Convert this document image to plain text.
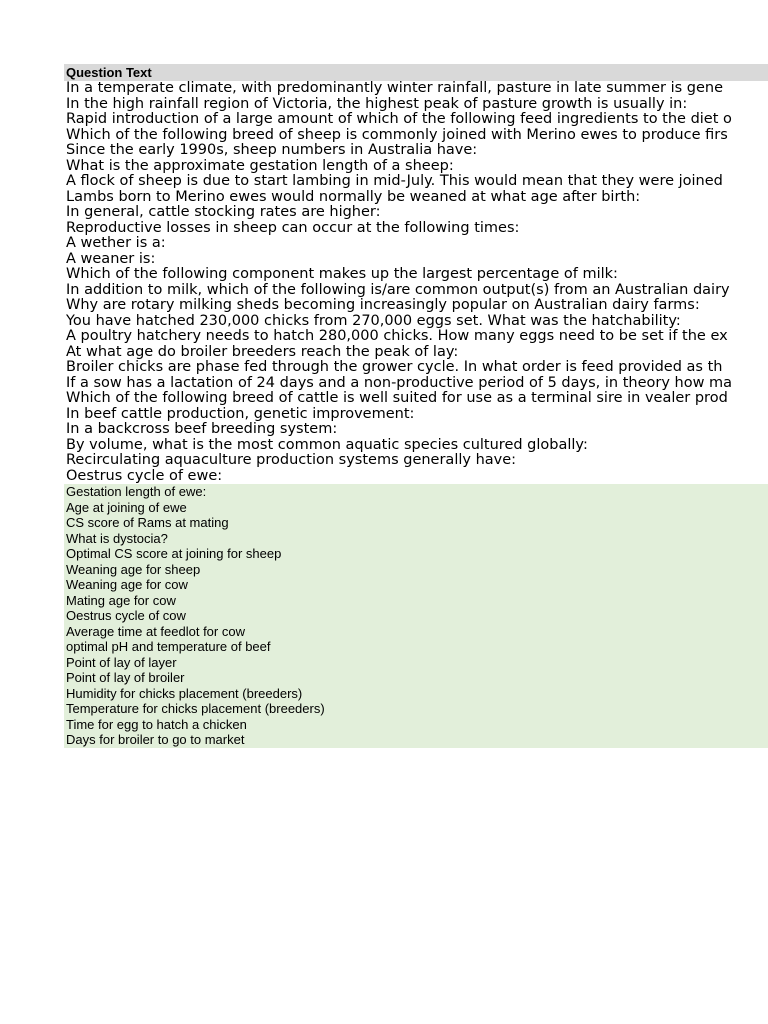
Question Text
In a temperate climate, with predominantly winter rainfall, pasture in late summer is gene
In the high rainfall region of Victoria, the highest peak of pasture growth is usually in:
Rapid introduction of a large amount of which of the following feed ingredients to the diet o
Which of the following breed of sheep is commonly joined with Merino ewes to produce firs
Since the early 1990s, sheep numbers in Australia have:
What is the approximate gestation length of a sheep:
A flock of sheep is due to start lambing in mid-July. This would mean that they were joined
Lambs born to Merino ewes would normally be weaned at what age after birth:
In general, cattle stocking rates are higher:
Reproductive losses in sheep can occur at the following times:
A wether is a:
A weaner is:
Which of the following component makes up the largest percentage of milk:
In addition to milk, which of the following is/are common output(s) from an Australian dairy
Why are rotary milking sheds becoming increasingly popular on Australian dairy farms:
You have hatched 230,000 chicks from 270,000 eggs set. What was the hatchability:
A poultry hatchery needs to hatch 280,000 chicks. How many eggs need to be set if the ex
At what age do broiler breeders reach the peak of lay:
Broiler chicks are phase fed through the grower cycle. In what order is feed provided as th
If a sow has a lactation of 24 days and a non-productive period of 5 days, in theory how ma
Which of the following breed of cattle is well suited for use as a terminal sire in vealer prod
In beef cattle production, genetic improvement:
In a backcross beef breeding system:
By volume, what is the most common aquatic species cultured globally:
Recirculating aquaculture production systems generally have:
Oestrus cycle of ewe:
Gestation length of ewe:
Age at joining of ewe
CS score of Rams at mating
What is dystocia?
Optimal CS score at joining for sheep
Weaning age for sheep
Weaning age for cow
Mating age for cow
Oestrus cycle of cow
Average time at feedlot for cow
optimal pH and temperature of beef
Point of lay of layer
Point of lay of broiler
Humidity for chicks placement (breeders)
Temperature for chicks placement (breeders)
Time for egg to hatch a chicken
Days for broiler to go to market
